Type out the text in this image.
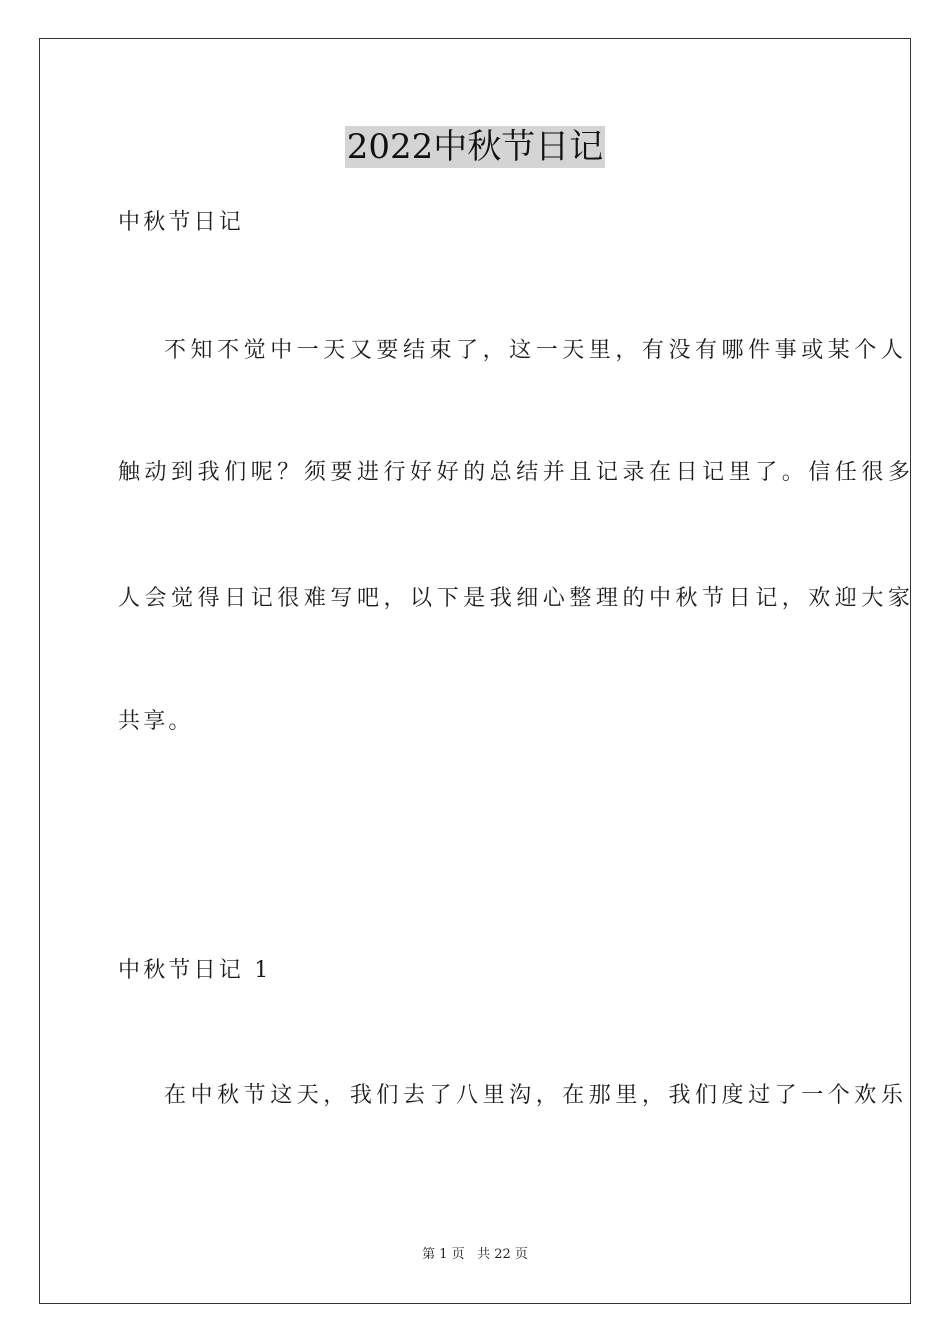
2022中秋节日记
中秋节日记
不知不觉中一天又要结束了，这一天里，有没有哪件事或某个人
触动到我们呢？须要进行好好的总结并且记录在日记里了。信任很多
人会觉得日记很难写吧，以下是我细心整理的中秋节日记，欢迎大家
共享。
中秋节日记 1
在中秋节这天，我们去了八里沟，在那里，我们度过了一个欢乐
第 1 页 共 22 页
